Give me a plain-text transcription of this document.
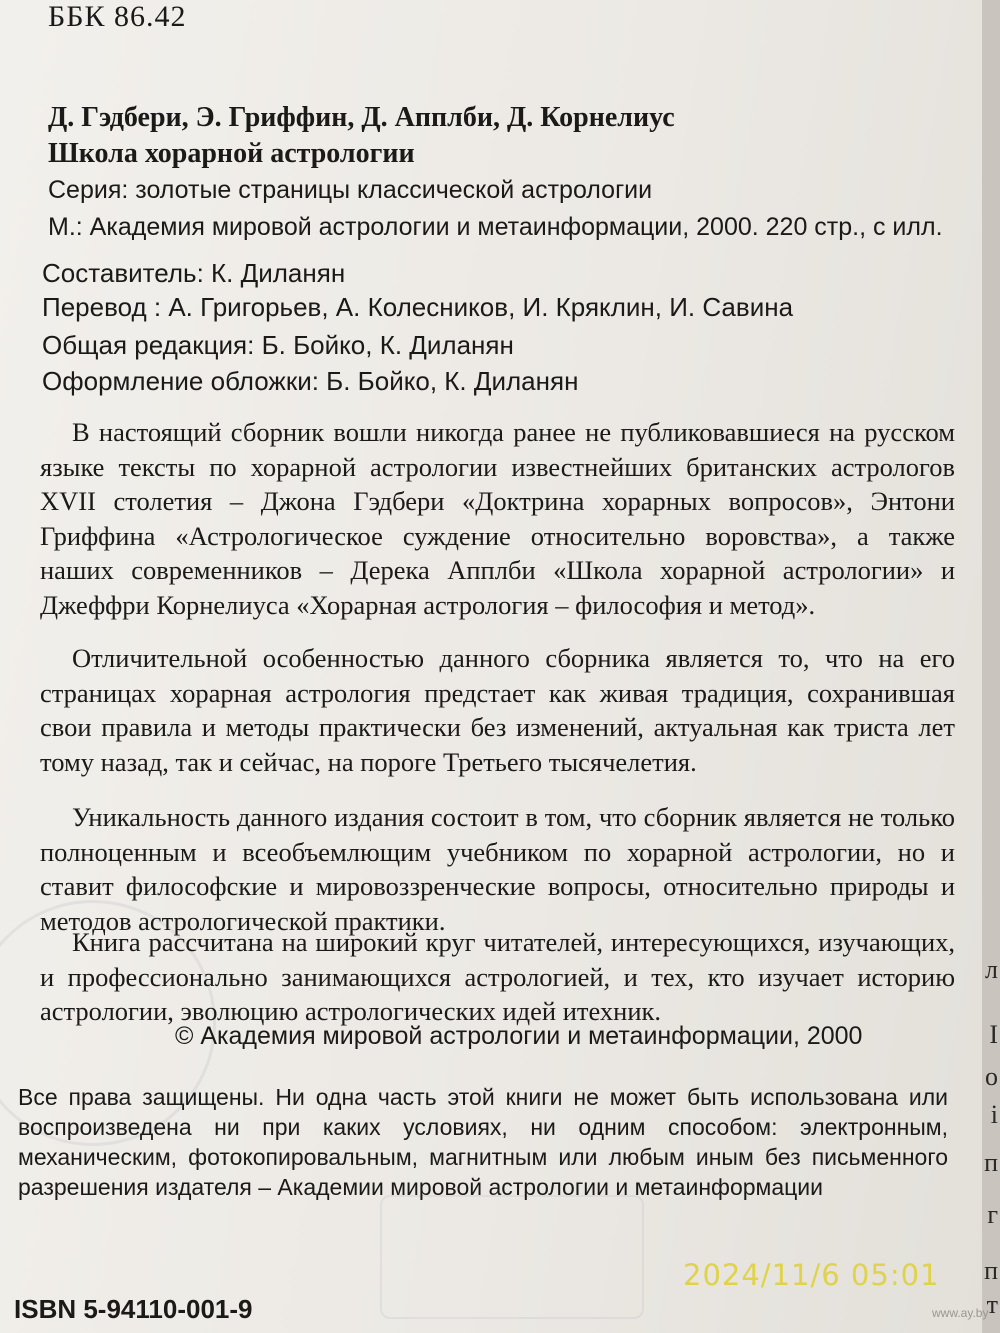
ББК 86.42
Д. Гэдбери, Э. Гриффин, Д. Апплби, Д. Корнелиус
Школа хорарной астрологии
Серия: золотые страницы классической астрологии
М.: Академия мировой астрологии и метаинформации, 2000. 220 стр., с илл.
Составитель: К. Диланян
Перевод : А. Григорьев, А. Колесников, И. Кряклин, И. Савина
Общая редакция: Б. Бойко, К. Диланян
Оформление обложки: Б. Бойко, К. Диланян
В настоящий сборник вошли никогда ранее не публиковавшиеся на русском языке тексты по хорарной астрологии известнейших британских астрологов XVII столетия – Джона Гэдбери «Доктрина хорарных вопросов», Энтони Гриффина «Астрологическое суждение относительно воровства», а также наших современников – Дерека Апплби «Школа хорарной астрологии» и Джеффри Корнелиуса «Хорарная астрология – философия и метод».
Отличительной особенностью данного сборника является то, что на его страницах хорарная астрология предстает как живая традиция, сохранившая свои правила и методы практически без изменений, актуальная как триста лет тому назад, так и сейчас, на пороге Третьего тысячелетия.
Уникальность данного издания состоит в том, что сборник является не только полноценным и всеобъемлющим учебником по хорарной астрологии, но и ставит философские и мировоззренческие вопросы, относительно природы и методов астрологической практики.
Книга рассчитана на широкий круг читателей, интересующихся, изучающих, и профессионально занимающихся астрологией, и тех, кто изучает историю астрологии, эволюцию астрологических идей итехник.
© Академия мировой астрологии и метаинформации, 2000
Все права защищены. Ни одна часть этой книги не может быть использована или воспроизведена ни при каких условиях, ни одним способом: электронным, механическим, фотокопировальным, магнитным или любым иным без письменного разрешения издателя – Академии мировой астрологии и метаинформации
ISBN 5-94110-001-9
л
І
о
і
п
г
п
т
2024/11/6 05:01
www.ay.by
